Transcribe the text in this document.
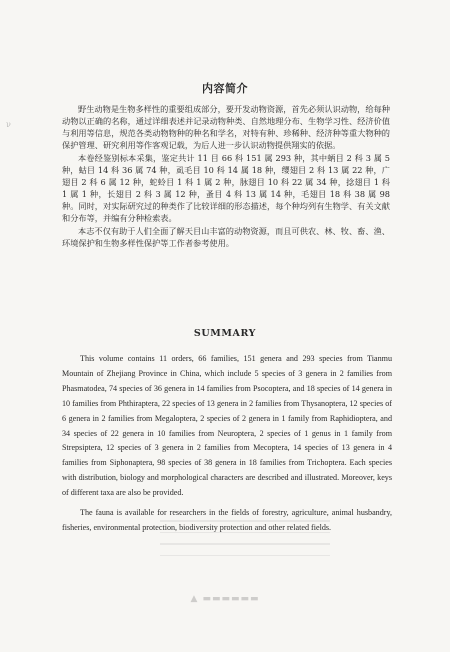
ν
内容简介

野生动物是生物多样性的重要组成部分，要开发动物资源，首先必须认识动物，给每种动物以正确的名称，通过详细表述并记录动物种类、自然地理分布、生物学习性、经济价值与利用等信息，规范各类动物物种的种名和学名，对特有种、珍稀种、经济种等重大物种的保护管理、研究利用等作客观记载，为后人进一步认识动物提供翔实的依据。

本卷经鉴别标本采集，鉴定共计 11 目 66 科 151 属 293 种，其中蛃目 2 科 3 属 5 种，蛄目 14 科 36 属 74 种，虱毛目 10 科 14 属 18 种，缨翅目 2 科 13 属 22 种，广翅目 2 科 6 属 12 种，蛇蛉目 1 科 1 属 2 种，脉翅目 10 科 22 属 34 种，捻翅目 1 科 1 属 1 种，长翅目 2 科 3 属 12 种，蚤目 4 科 13 属 14 种，毛翅目 18 科 38 属 98 种。同时，对实际研究过的种类作了比较详细的形态描述，每个种均列有生物学、有关文献和分布等，并编有分种检索表。

本志不仅有助于人们全面了解天目山丰富的动物资源，而且可供农、林、牧、畜、渔、环境保护和生物多样性保护等工作者参考使用。

SUMMARY

This volume contains 11 orders, 66 families, 151 genera and 293 species from Tianmu Mountain of Zhejiang Province in China, which include 5 species of 3 genera in 2 families from Phasmatodea, 74 species of 36 genera in 14 families from Psocoptera, and 18 species of 14 genera in 10 families from Phthiraptera, 22 species of 13 genera in 2 families from Thysanoptera, 12 species of 6 genera in 2 families from Megaloptera, 2 species of 2 genera in 1 family from Raphidioptera, and 34 species of 22 genera in 10 families from Neuroptera, 2 species of 1 genus in 1 family from Strepsiptera, 12 species of 3 genera in 2 families from Mecoptera, 14 species of 13 genera in 4 families from Siphonaptera, 98 species of 38 genera in 18 families from Trichoptera. Each species with distribution, biology and morphological characters are described and illustrated. Moreover, keys of different taxa are also be provided.

The fauna is available for researchers in the fields of forestry, agriculture, animal husbandry, fisheries, environmental protection, biodiversity protection and other related fields.

▲ ▬▬▬▬▬▬
